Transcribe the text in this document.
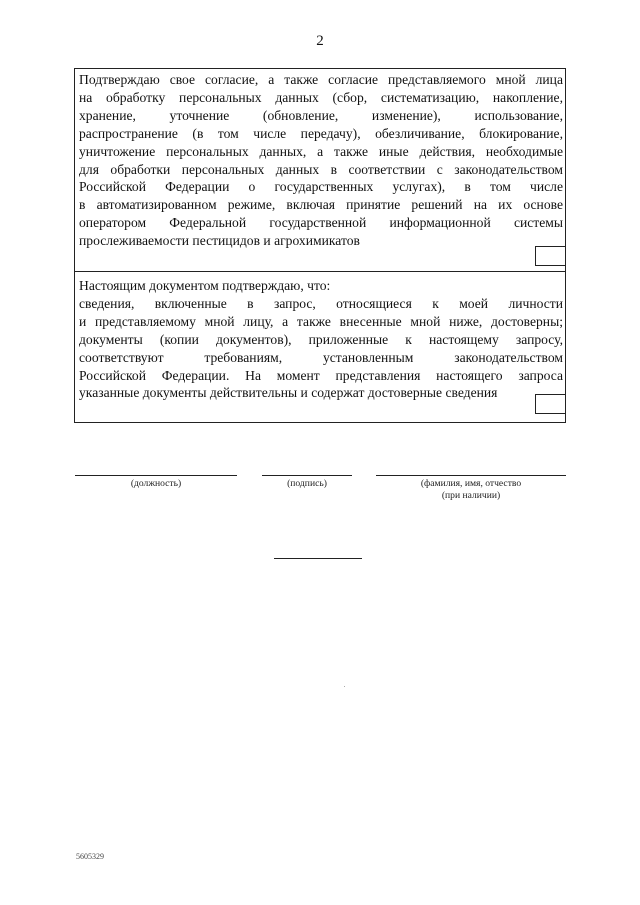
2
Подтверждаю свое согласие, а также согласие представляемого мной лица
на обработку персональных данных (сбор, систематизацию, накопление,
хранение, уточнение (обновление, изменение), использование,
распространение (в том числе передачу), обезличивание, блокирование,
уничтожение персональных данных, а также иные действия, необходимые
для обработки персональных данных в соответствии с законодательством
Российской Федерации о государственных услугах), в том числе
в автоматизированном режиме, включая принятие решений на их основе
оператором Федеральной государственной информационной системы
прослеживаемости пестицидов и агрохимикатов
Настоящим документом подтверждаю, что:
сведения, включенные в запрос, относящиеся к моей личности
и представляемому мной лицу, а также внесенные мной ниже, достоверны;
документы (копии документов), приложенные к настоящему запросу,
соответствуют требованиям, установленным законодательством
Российской Федерации. На момент представления настоящего запроса
указанные документы действительны и содержат достоверные сведения
(должность)	(подпись)	(фамилия, имя, отчество
(при наличии)
5605329
